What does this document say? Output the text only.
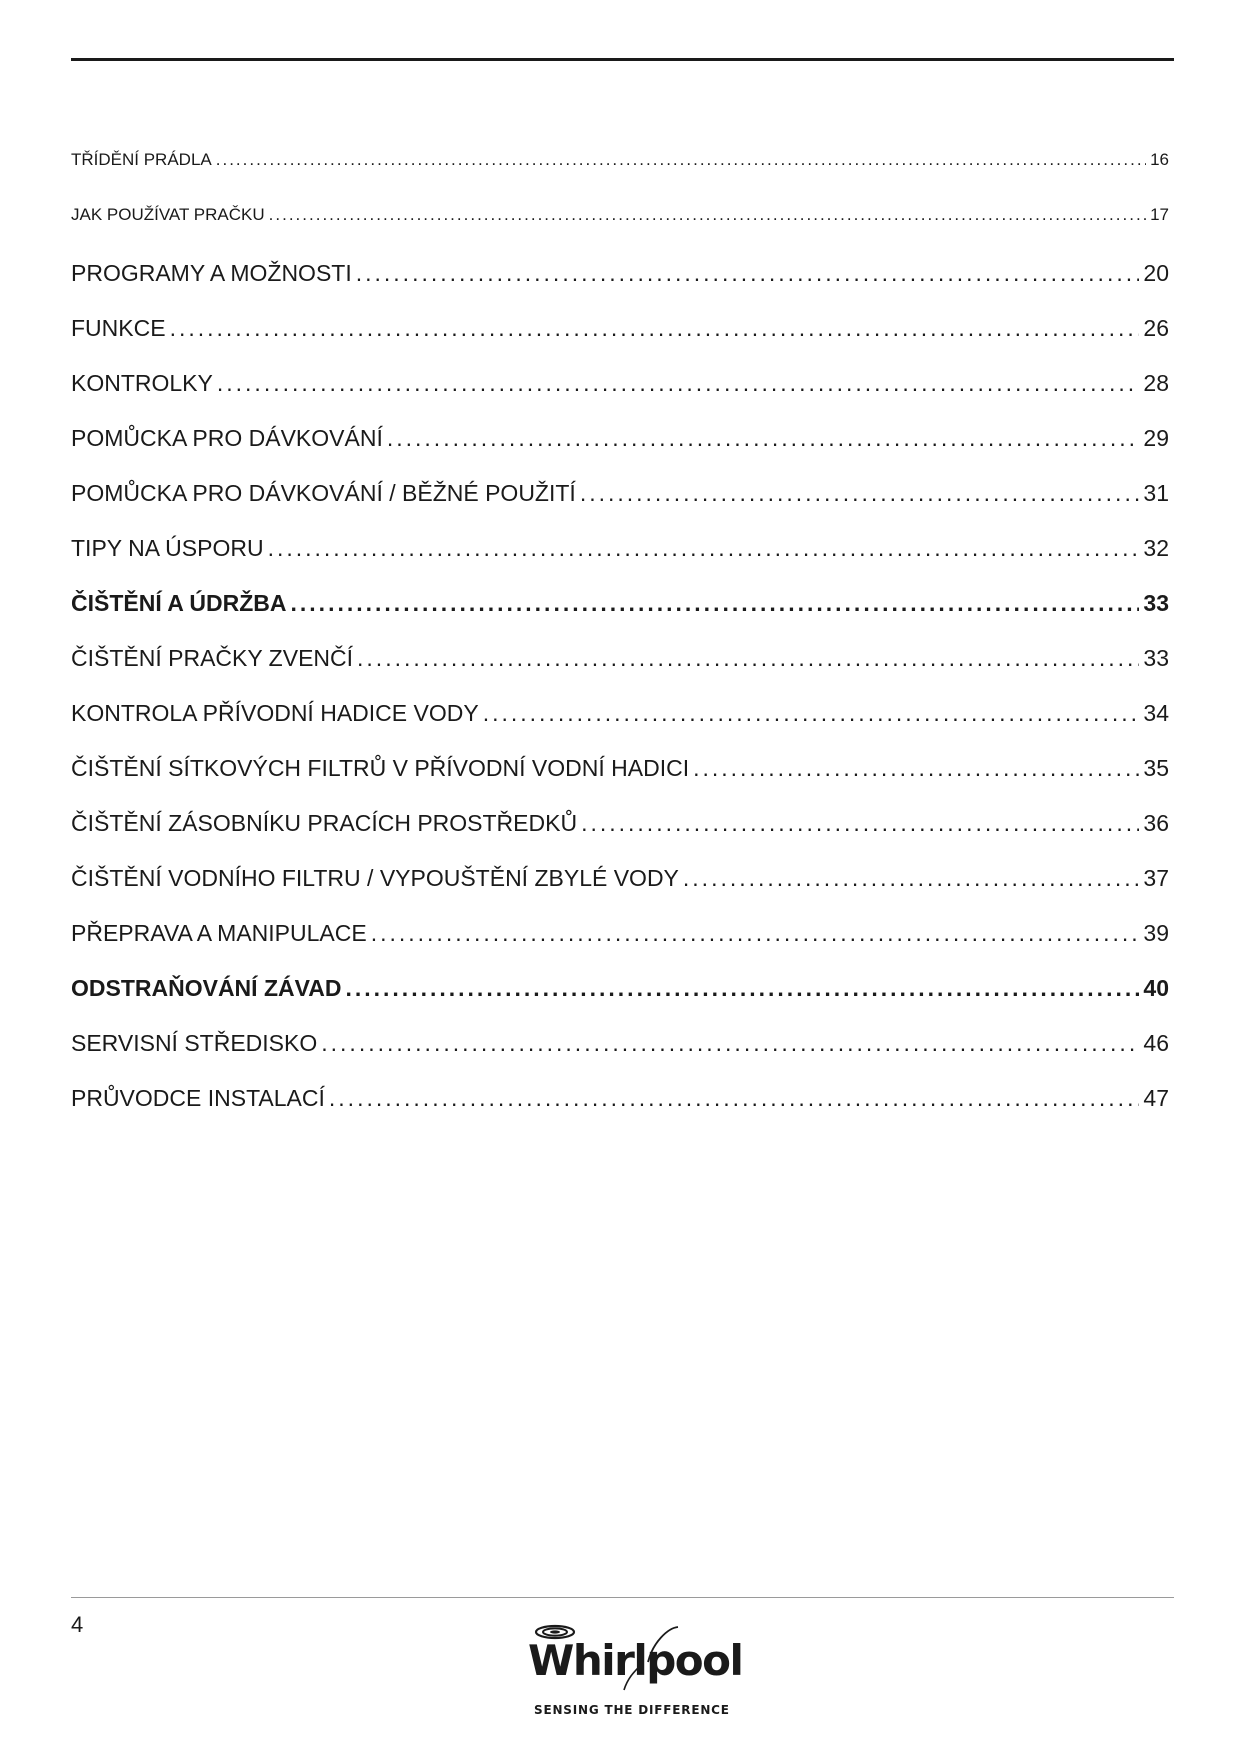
TŘÍDĚNÍ PRÁDLA .....	16
JAK POUŽÍVAT PRAČKU .....	17
PROGRAMY A MOŽNOSTI .....	20
FUNKCE .....	26
KONTROLKY .....	28
POMŮCKA PRO DÁVKOVÁNÍ .....	29
POMŮCKA PRO DÁVKOVÁNÍ / BĚŽNÉ POUŽITÍ .....	31
TIPY NA ÚSPORU .....	32
ČIŠTĚNÍ A ÚDRŽBA .....	33
ČIŠTĚNÍ PRAČKY ZVENČÍ .....	33
KONTROLA PŘÍVODNÍ HADICE VODY .....	34
ČIŠTĚNÍ SÍTKOVÝCH FILTRŮ V PŘÍVODNÍ VODNÍ HADICI .....	35
ČIŠTĚNÍ ZÁSOBNÍKU PRACÍCH PROSTŘEDKŮ .....	36
ČIŠTĚNÍ VODNÍHO FILTRU / VYPOUŠTĚNÍ ZBYLÉ VODY .....	37
PŘEPRAVA A MANIPULACE .....	39
ODSTRAŇOVÁNÍ ZÁVAD .....	40
SERVISNÍ STŘEDISKO .....	46
PRŮVODCE INSTALACÍ .....	47
4
Whirlpool
SENSING THE DIFFERENCE
